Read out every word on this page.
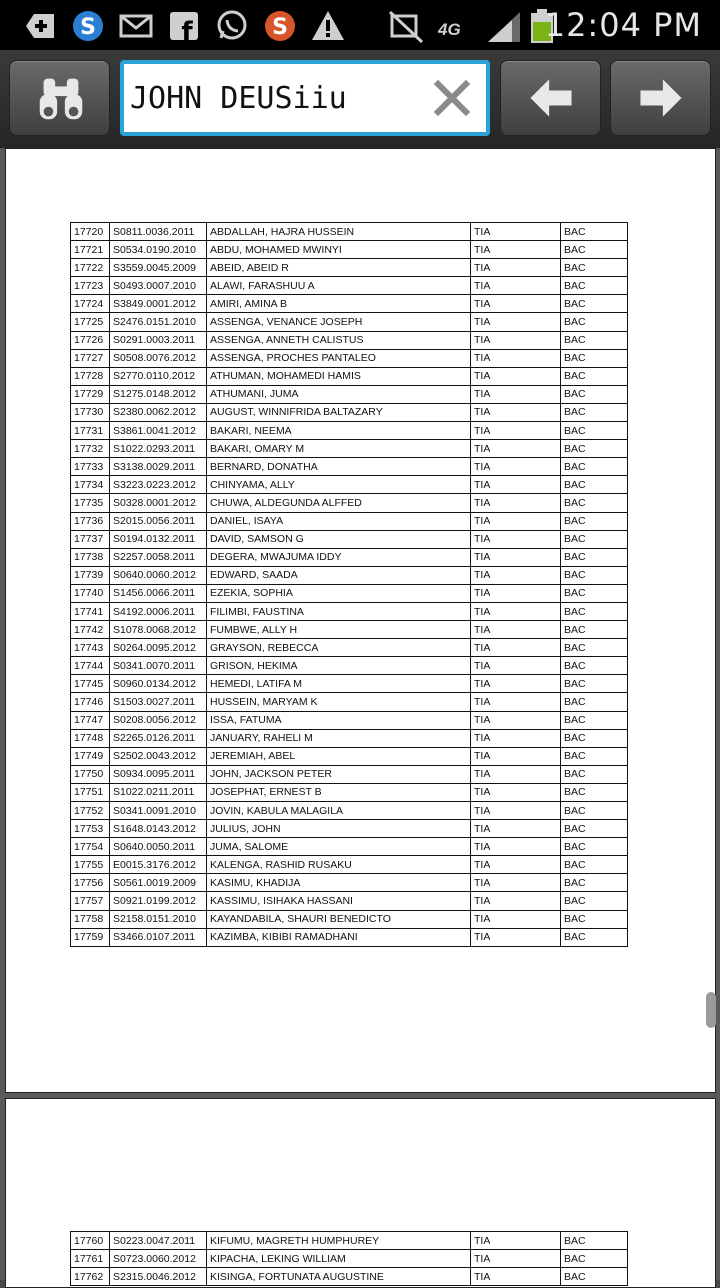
S	f	S	4G	12:04 PM
JOHN DEUSiiu
17720	S0811.0036.2011	ABDALLAH, HAJRA HUSSEIN	TIA	BAC
17721	S0534.0190.2010	ABDU, MOHAMED MWINYI	TIA	BAC
17722	S3559.0045.2009	ABEID, ABEID R	TIA	BAC
17723	S0493.0007.2010	ALAWI, FARASHUU A	TIA	BAC
17724	S3849.0001.2012	AMIRI, AMINA B	TIA	BAC
17725	S2476.0151.2010	ASSENGA, VENANCE JOSEPH	TIA	BAC
17726	S0291.0003.2011	ASSENGA, ANNETH CALISTUS	TIA	BAC
17727	S0508.0076.2012	ASSENGA, PROCHES PANTALEO	TIA	BAC
17728	S2770.0110.2012	ATHUMAN, MOHAMEDI HAMIS	TIA	BAC
17729	S1275.0148.2012	ATHUMANI, JUMA	TIA	BAC
17730	S2380.0062.2012	AUGUST, WINNIFRIDA BALTAZARY	TIA	BAC
17731	S3861.0041.2012	BAKARI, NEEMA	TIA	BAC
17732	S1022.0293.2011	BAKARI, OMARY M	TIA	BAC
17733	S3138.0029.2011	BERNARD, DONATHA	TIA	BAC
17734	S3223.0223.2012	CHINYAMA, ALLY	TIA	BAC
17735	S0328.0001.2012	CHUWA, ALDEGUNDA ALFFED	TIA	BAC
17736	S2015.0056.2011	DANIEL, ISAYA	TIA	BAC
17737	S0194.0132.2011	DAVID, SAMSON G	TIA	BAC
17738	S2257.0058.2011	DEGERA, MWAJUMA IDDY	TIA	BAC
17739	S0640.0060.2012	EDWARD, SAADA	TIA	BAC
17740	S1456.0066.2011	EZEKIA, SOPHIA	TIA	BAC
17741	S4192.0006.2011	FILIMBI, FAUSTINA	TIA	BAC
17742	S1078.0068.2012	FUMBWE, ALLY H	TIA	BAC
17743	S0264.0095.2012	GRAYSON, REBECCA	TIA	BAC
17744	S0341.0070.2011	GRISON, HEKIMA	TIA	BAC
17745	S0960.0134.2012	HEMEDI, LATIFA M	TIA	BAC
17746	S1503.0027.2011	HUSSEIN, MARYAM K	TIA	BAC
17747	S0208.0056.2012	ISSA, FATUMA	TIA	BAC
17748	S2265.0126.2011	JANUARY, RAHELI M	TIA	BAC
17749	S2502.0043.2012	JEREMIAH, ABEL	TIA	BAC
17750	S0934.0095.2011	JOHN, JACKSON PETER	TIA	BAC
17751	S1022.0211.2011	JOSEPHAT, ERNEST B	TIA	BAC
17752	S0341.0091.2010	JOVIN, KABULA MALAGILA	TIA	BAC
17753	S1648.0143.2012	JULIUS, JOHN	TIA	BAC
17754	S0640.0050.2011	JUMA, SALOME	TIA	BAC
17755	E0015.3176.2012	KALENGA, RASHID RUSAKU	TIA	BAC
17756	S0561.0019.2009	KASIMU, KHADIJA	TIA	BAC
17757	S0921.0199.2012	KASSIMU, ISIHAKA HASSANI	TIA	BAC
17758	S2158.0151.2010	KAYANDABILA, SHAURI BENEDICTO	TIA	BAC
17759	S3466.0107.2011	KAZIMBA, KIBIBI RAMADHANI	TIA	BAC
17760	S0223.0047.2011	KIFUMU, MAGRETH HUMPHUREY	TIA	BAC
17761	S0723.0060.2012	KIPACHA, LEKING WILLIAM	TIA	BAC
17762	S2315.0046.2012	KISINGA, FORTUNATA AUGUSTINE	TIA	BAC
